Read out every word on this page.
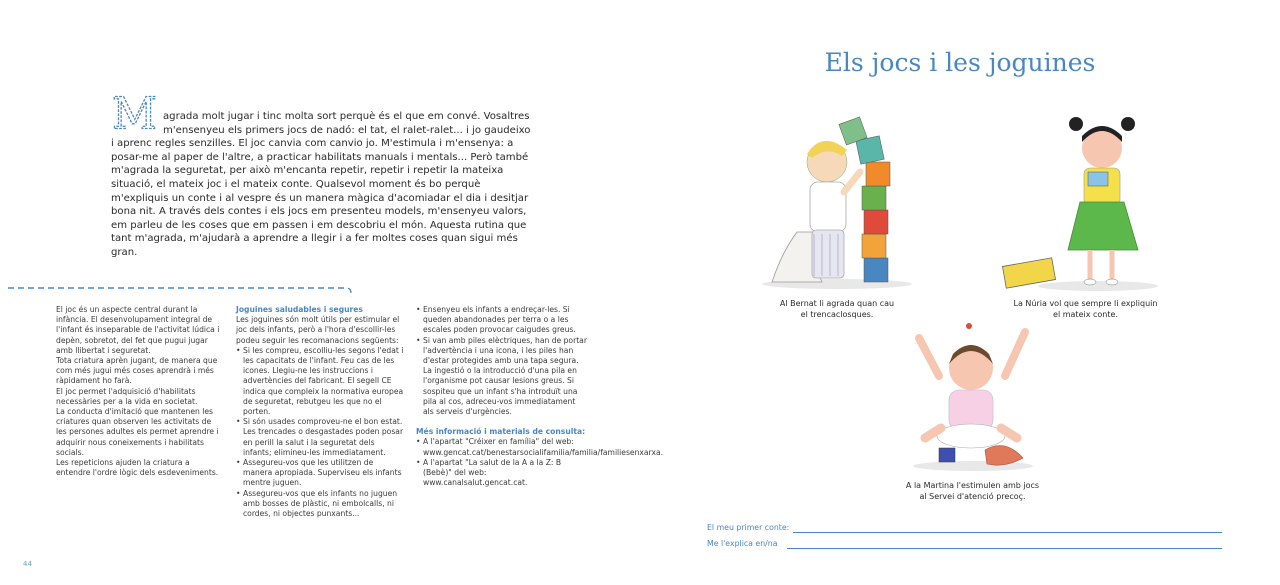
M agrada molt jugar i tinc molta sort perquè és el que em convé. Vosaltres m'ensenyeu els primers jocs de nadó: el tat, el ralet-ralet... i jo gaudeixo i aprenc regles senzilles. El joc canvia com canvio jo. M'estimula i m'ensenya: a posar-me al paper de l'altre, a practicar habilitats manuals i mentals... Però també m'agrada la seguretat, per això m'encanta repetir, repetir i repetir la mateixa situació, el mateix joc i el mateix conte. Qualsevol moment és bo perquè m'expliquis un conte i al vespre és un manera màgica d'acomiadar el dia i desitjar bona nit. A través dels contes i els jocs em presenteu models, m'ensenyeu valors, em parleu de les coses que em passen i em descobriu el món. Aquesta rutina que tant m'agrada, m'ajudarà a aprendre a llegir i a fer moltes coses quan sigui més gran.

El joc és un aspecte central durant la infància. El desenvolupament integral de l'infant és inseparable de l'activitat lúdica i depèn, sobretot, del fet que pugui jugar amb llibertat i seguretat.

Tota criatura aprèn jugant, de manera que com més jugui més coses aprendrà i més ràpidament ho farà.

El joc permet l'adquisició d'habilitats necessàries per a la vida en societat.

La conducta d'imitació que mantenen les criatures quan observen les activitats de les persones adultes els permet aprendre i adquirir nous coneixements i habilitats socials.

Les repeticions ajuden la criatura a entendre l'ordre lògic dels esdeveniments.

Joguines saludables i segures

Les joguines són molt útils per estimular el joc dels infants, però a l'hora d'escollir-les podeu seguir les recomanacions següents:

• Si les compreu, escolliu-les segons l'edat i les capacitats de l'infant. Feu cas de les icones. Llegiu-ne les instruccions i advertències del fabricant. El segell CE indica que compleix la normativa europea de seguretat, rebutgeu les que no el porten.
• Si són usades comproveu-ne el bon estat. Les trencades o desgastades poden posar en perill la salut i la seguretat dels infants; elimineu-les immediatament.
• Assegureu-vos que les utilitzen de manera apropiada. Superviseu els infants mentre juguen.
• Assegureu-vos que els infants no juguen amb bosses de plàstic, ni embolcalls, ni cordes, ni objectes punxants...
• Ensenyeu els infants a endreçar-les. Si queden abandonades per terra o a les escales poden provocar caigudes greus.
• Si van amb piles elèctriques, han de portar l'advertència i una icona, i les piles han d'estar protegides amb una tapa segura. La ingestió o la introducció d'una pila en l'organisme pot causar lesions greus. Si sospiteu que un infant s'ha introduït una pila al cos, adreceu-vos immediatament als serveis d'urgències.
Més informació i materials de consulta:
• A l'apartat "Créixer en família" del web: www.gencat.cat/benestarsocialifamilia/familia/familiesenxarxa.
• A l'apartat "La salut de la A a la Z: B (Bebè)" del web: www.canalsalut.gencat.cat.
44
Els jocs i les joguines
Al Bernat li agrada quan cau
el trencaclosques.
La Núria vol que sempre li expliquin
el mateix conte.
A la Martina l'estimulen amb jocs
al Servei d'atenció precoç.
El meu primer conte:
Me l'explica en/na
